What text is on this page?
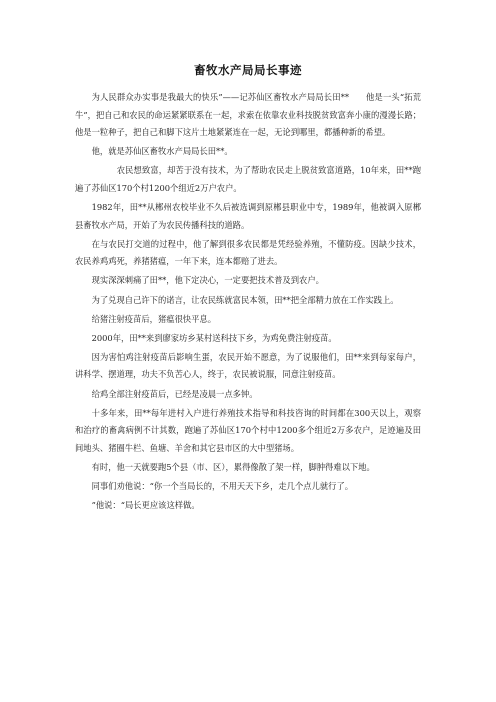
畜牧水产局局长事迹

为人民群众办实事是我最大的快乐”——记苏仙区畜牧水产局局长田**　　他是一头“拓荒牛”，把自己和农民的命运紧紧联系在一起，求索在依靠农业科技脱贫致富奔小康的漫漫长路；他是一粒种子，把自己和脚下这片土地紧紧连在一起，无论到哪里，都播种新的希望。

他，就是苏仙区畜牧水产局局长田**。

　　　农民想致富，却苦于没有技术，为了帮助农民走上脱贫致富道路，10年来，田**跑遍了苏仙区170个村1200个组近2万户农户。

1982年，田**从郴州农校毕业不久后被选调到原郴县职业中专，1989年，他被调入原郴县畜牧水产局，开始了为农民传播科技的道路。

在与农民打交道的过程中，他了解到很多农民都是凭经验养殖，不懂防疫。因缺少技术，农民养鸡鸡死，养猪猪瘟，一年下来，连本都赔了进去。

现实深深刺痛了田**，他下定决心，一定要把技术普及到农户。

为了兑现自己许下的诺言，让农民练就富民本领，田**把全部精力放在工作实践上。

给猪注射疫苗后，猪瘟很快平息。

2000年，田**来到廖家坊乡某村送科技下乡，为鸡免费注射疫苗。

因为害怕鸡注射疫苗后影响生蛋，农民开始不愿意，为了说服他们，田**来到每家每户，讲科学、摆道理，功夫不负苦心人，终于，农民被说服，同意注射疫苗。

给鸡全部注射疫苗后，已经是凌晨一点多钟。

十多年来，田**每年进村入户进行养殖技术指导和科技咨询的时间都在300天以上，观察和治疗的畜禽病例不计其数，跑遍了苏仙区170个村中1200多个组近2万多农户，足迹遍及田间地头、猪圈牛栏、鱼塘、羊舍和其它县市区的大中型猪场。

有时，他一天就要跑5个县（市、区），累得像散了架一样，脚肿得难以下地。

同事们劝他说：“你一个当局长的，不用天天下乡，走几个点儿就行了。

”他说：“局长更应该这样做。
